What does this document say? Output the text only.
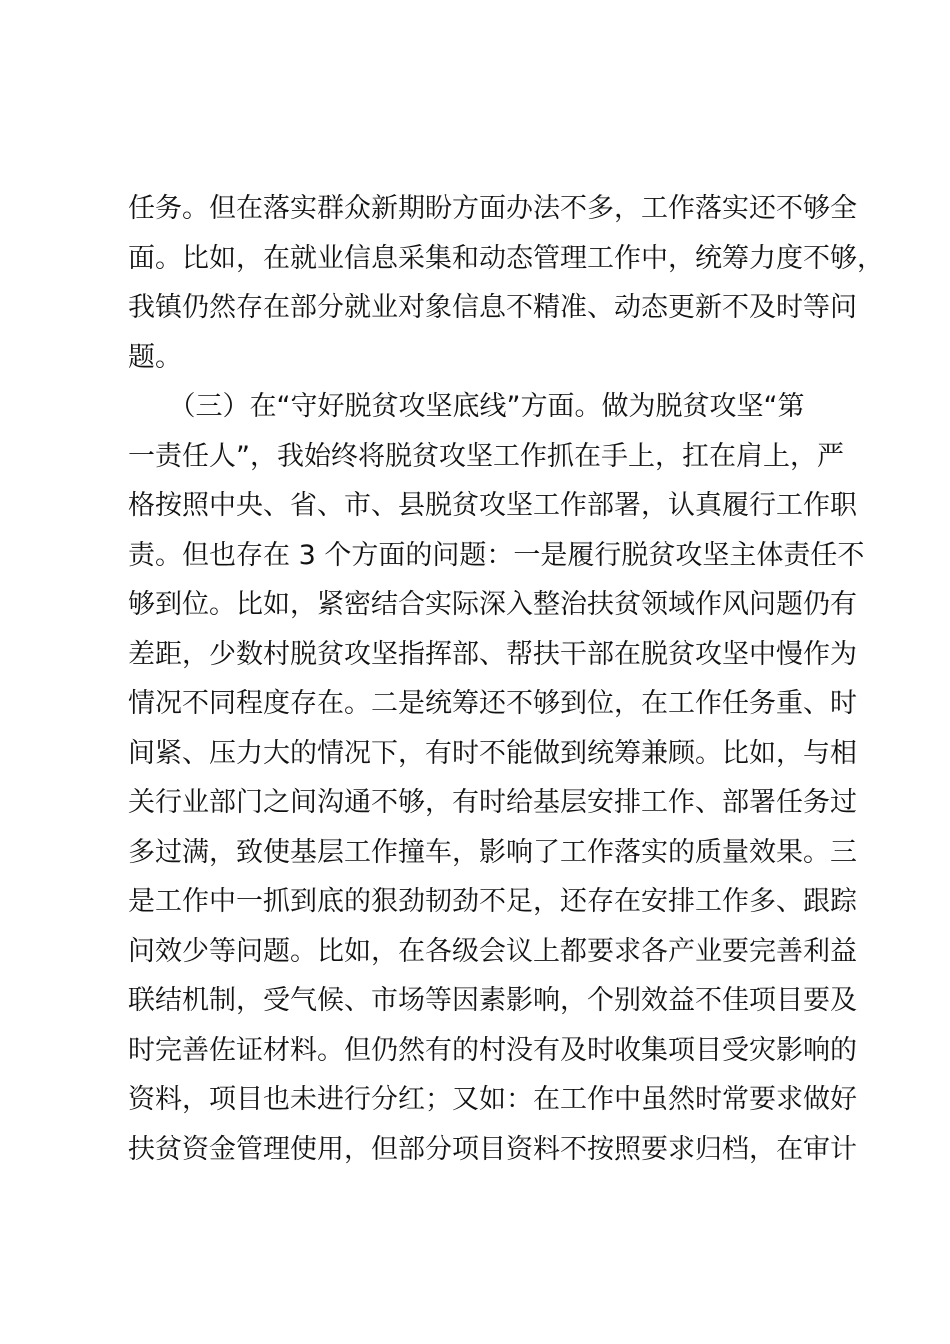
任务。但在落实群众新期盼方面办法不多，工作落实还不够全
面。比如，在就业信息采集和动态管理工作中，统筹力度不够，
我镇仍然存在部分就业对象信息不精准、动态更新不及时等问
题。
　　（三）在“守好脱贫攻坚底线”方面。做为脱贫攻坚“第
一责任人”，我始终将脱贫攻坚工作抓在手上，扛在肩上，严
格按照中央、省、市、县脱贫攻坚工作部署，认真履行工作职
责。但也存在 3 个方面的问题：一是履行脱贫攻坚主体责任不
够到位。比如，紧密结合实际深入整治扶贫领域作风问题仍有
差距，少数村脱贫攻坚指挥部、帮扶干部在脱贫攻坚中慢作为
情况不同程度存在。二是统筹还不够到位，在工作任务重、时
间紧、压力大的情况下，有时不能做到统筹兼顾。比如，与相
关行业部门之间沟通不够，有时给基层安排工作、部署任务过
多过满，致使基层工作撞车，影响了工作落实的质量效果。三
是工作中一抓到底的狠劲韧劲不足，还存在安排工作多、跟踪
问效少等问题。比如，在各级会议上都要求各产业要完善利益
联结机制，受气候、市场等因素影响，个别效益不佳项目要及
时完善佐证材料。但仍然有的村没有及时收集项目受灾影响的
资料，项目也未进行分红；又如：在工作中虽然时常要求做好
扶贫资金管理使用，但部分项目资料不按照要求归档，在审计
